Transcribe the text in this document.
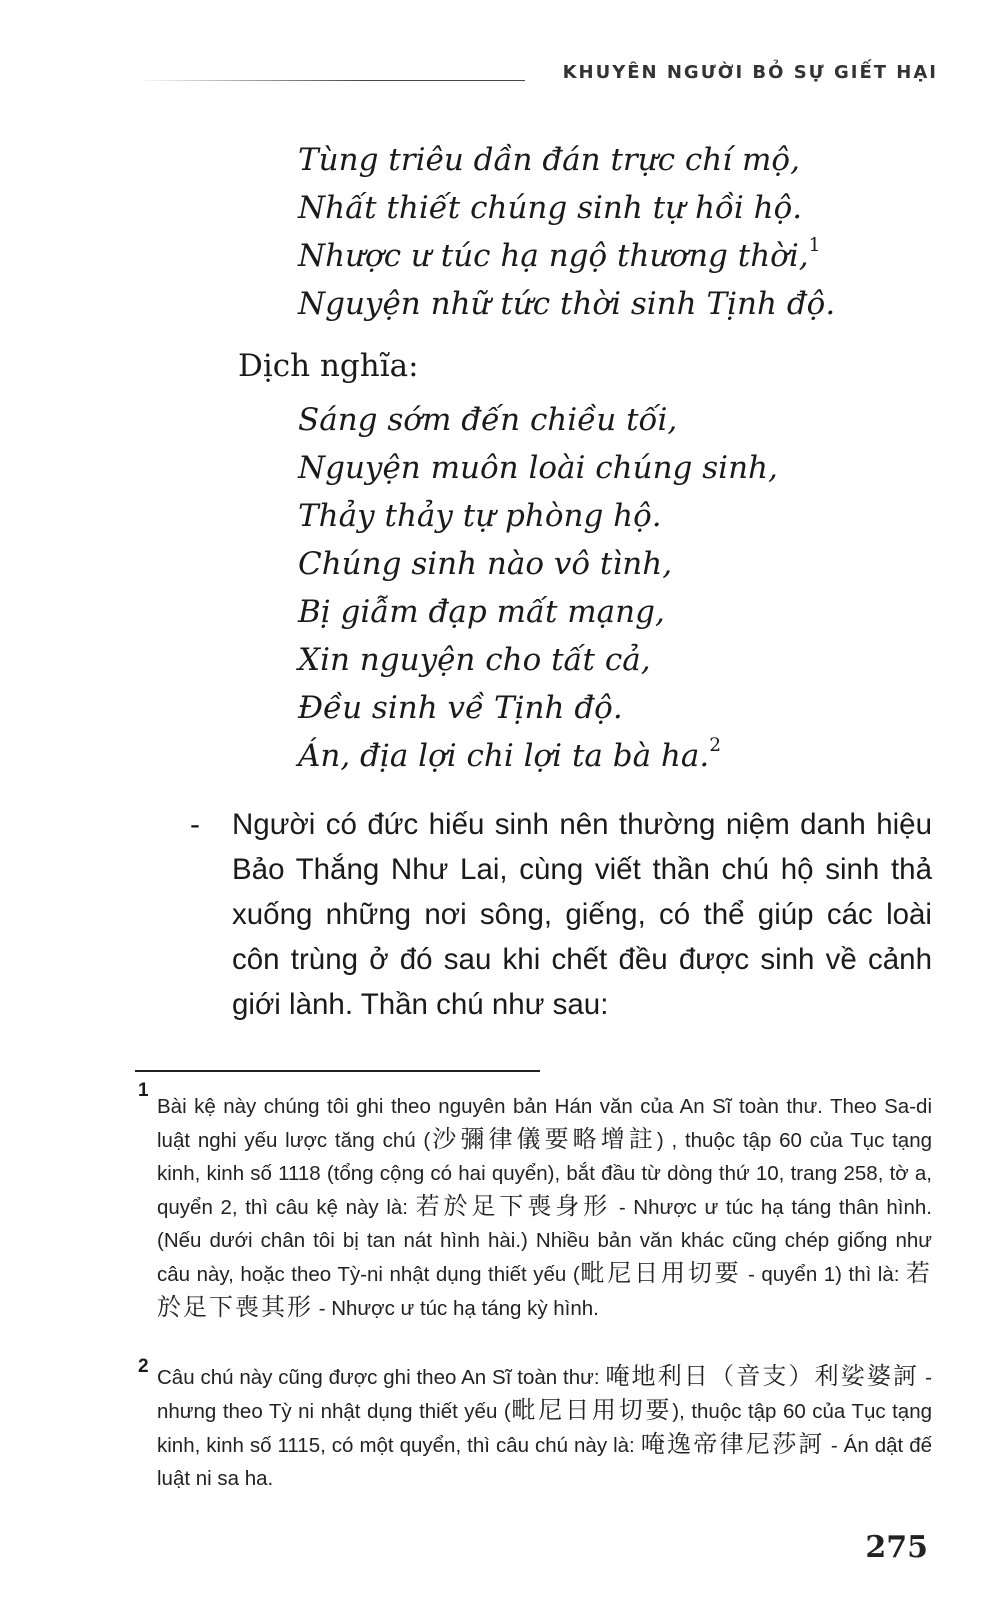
KHUYÊN NGƯỜI BỎ SỰ GIẾT HẠI
Tùng triêu dần đán trực chí mộ,
Nhất thiết chúng sinh tự hồi hộ.
Nhược ư túc hạ ngộ thương thời,$^1$
Nguyện nhữ tức thời sinh Tịnh độ.
Dịch nghĩa:
Sáng sớm đến chiều tối,
Nguyện muôn loài chúng sinh,
Thảy thảy tự phòng hộ.
Chúng sinh nào vô tình,
Bị giẫm đạp mất mạng,
Xin nguyện cho tất cả,
Đều sinh về Tịnh độ.
Án, địa lợi chi lợi ta bà ha.$^2$
- Người có đức hiếu sinh nên thường niệm danh hiệu Bảo Thắng Như Lai, cùng viết thần chú hộ sinh thả xuống những nơi sông, giếng, có thể giúp các loài côn trùng ở đó sau khi chết đều được sinh về cảnh giới lành. Thần chú như sau:
1
Bài kệ này chúng tôi ghi theo nguyên bản Hán văn của An Sĩ toàn thư. Theo Sa-di luật nghi yếu lược tăng chú (沙彌律儀要略增註) , thuộc tập 60 của Tục tạng kinh, kinh số 1118 (tổng cộng có hai quyển), bắt đầu từ dòng thứ 10, trang 258, tờ a, quyển 2, thì câu kệ này là: 若於足下喪身形 - Nhược ư túc hạ táng thân hình. (Nếu dưới chân tôi bị tan nát hình hài.) Nhiều bản văn khác cũng chép giống như câu này, hoặc theo Tỳ-ni nhật dụng thiết yếu (毗尼日用切要 - quyển 1) thì là: 若於足下喪其形 - Nhược ư túc hạ táng kỳ hình.
2 Câu chú này cũng được ghi theo An Sĩ toàn thư: 唵地利日（音支）利娑婆訶 - nhưng theo Tỳ ni nhật dụng thiết yếu (毗尼日用切要), thuộc tập 60 của Tục tạng kinh, kinh số 1115, có một quyển, thì câu chú này là: 唵逸帝律尼莎訶 - Án dật đế luật ni sa ha.
275
